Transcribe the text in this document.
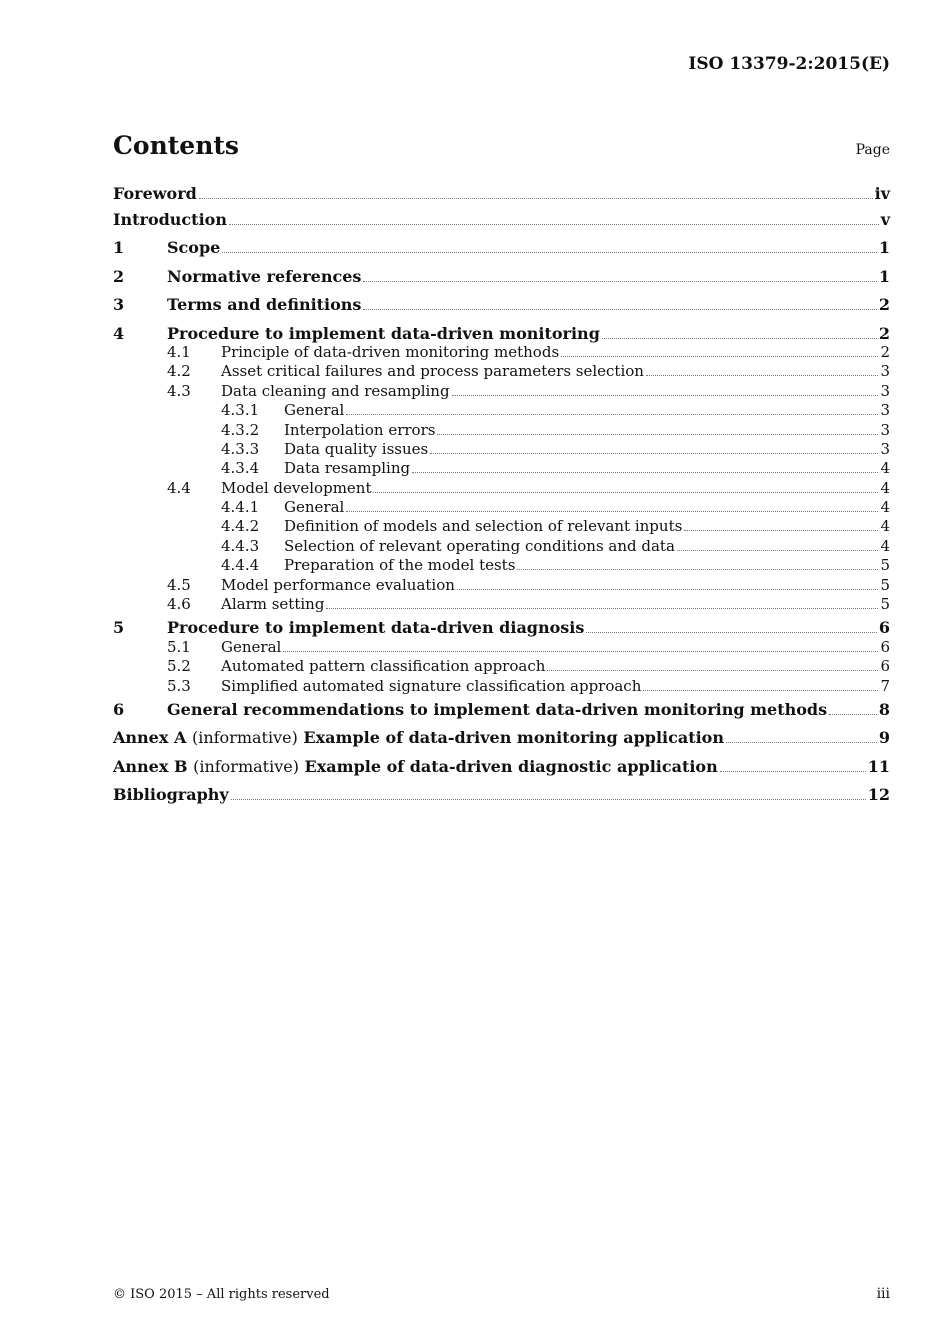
ISO 13379-2:2015(E)
Contents	Page
Foreword	iv
Introduction	v
1	Scope	1
2	Normative references	1
3	Terms and definitions	2
4	Procedure to implement data-driven monitoring	2
4.1	Principle of data-driven monitoring methods	2
4.2	Asset critical failures and process parameters selection	3
4.3	Data cleaning and resampling	3
4.3.1	General	3
4.3.2	Interpolation errors	3
4.3.3	Data quality issues	3
4.3.4	Data resampling	4
4.4	Model development	4
4.4.1	General	4
4.4.2	Definition of models and selection of relevant inputs	4
4.4.3	Selection of relevant operating conditions and data	4
4.4.4	Preparation of the model tests	5
4.5	Model performance evaluation	5
4.6	Alarm setting	5
5	Procedure to implement data-driven diagnosis	6
5.1	General	6
5.2	Automated pattern classification approach	6
5.3	Simplified automated signature classification approach	7
6	General recommendations to implement data-driven monitoring methods	8
Annex A (informative) Example of data-driven monitoring application	9
Annex B (informative) Example of data-driven diagnostic application	11
Bibliography	12
© ISO 2015 – All rights reserved	iii
